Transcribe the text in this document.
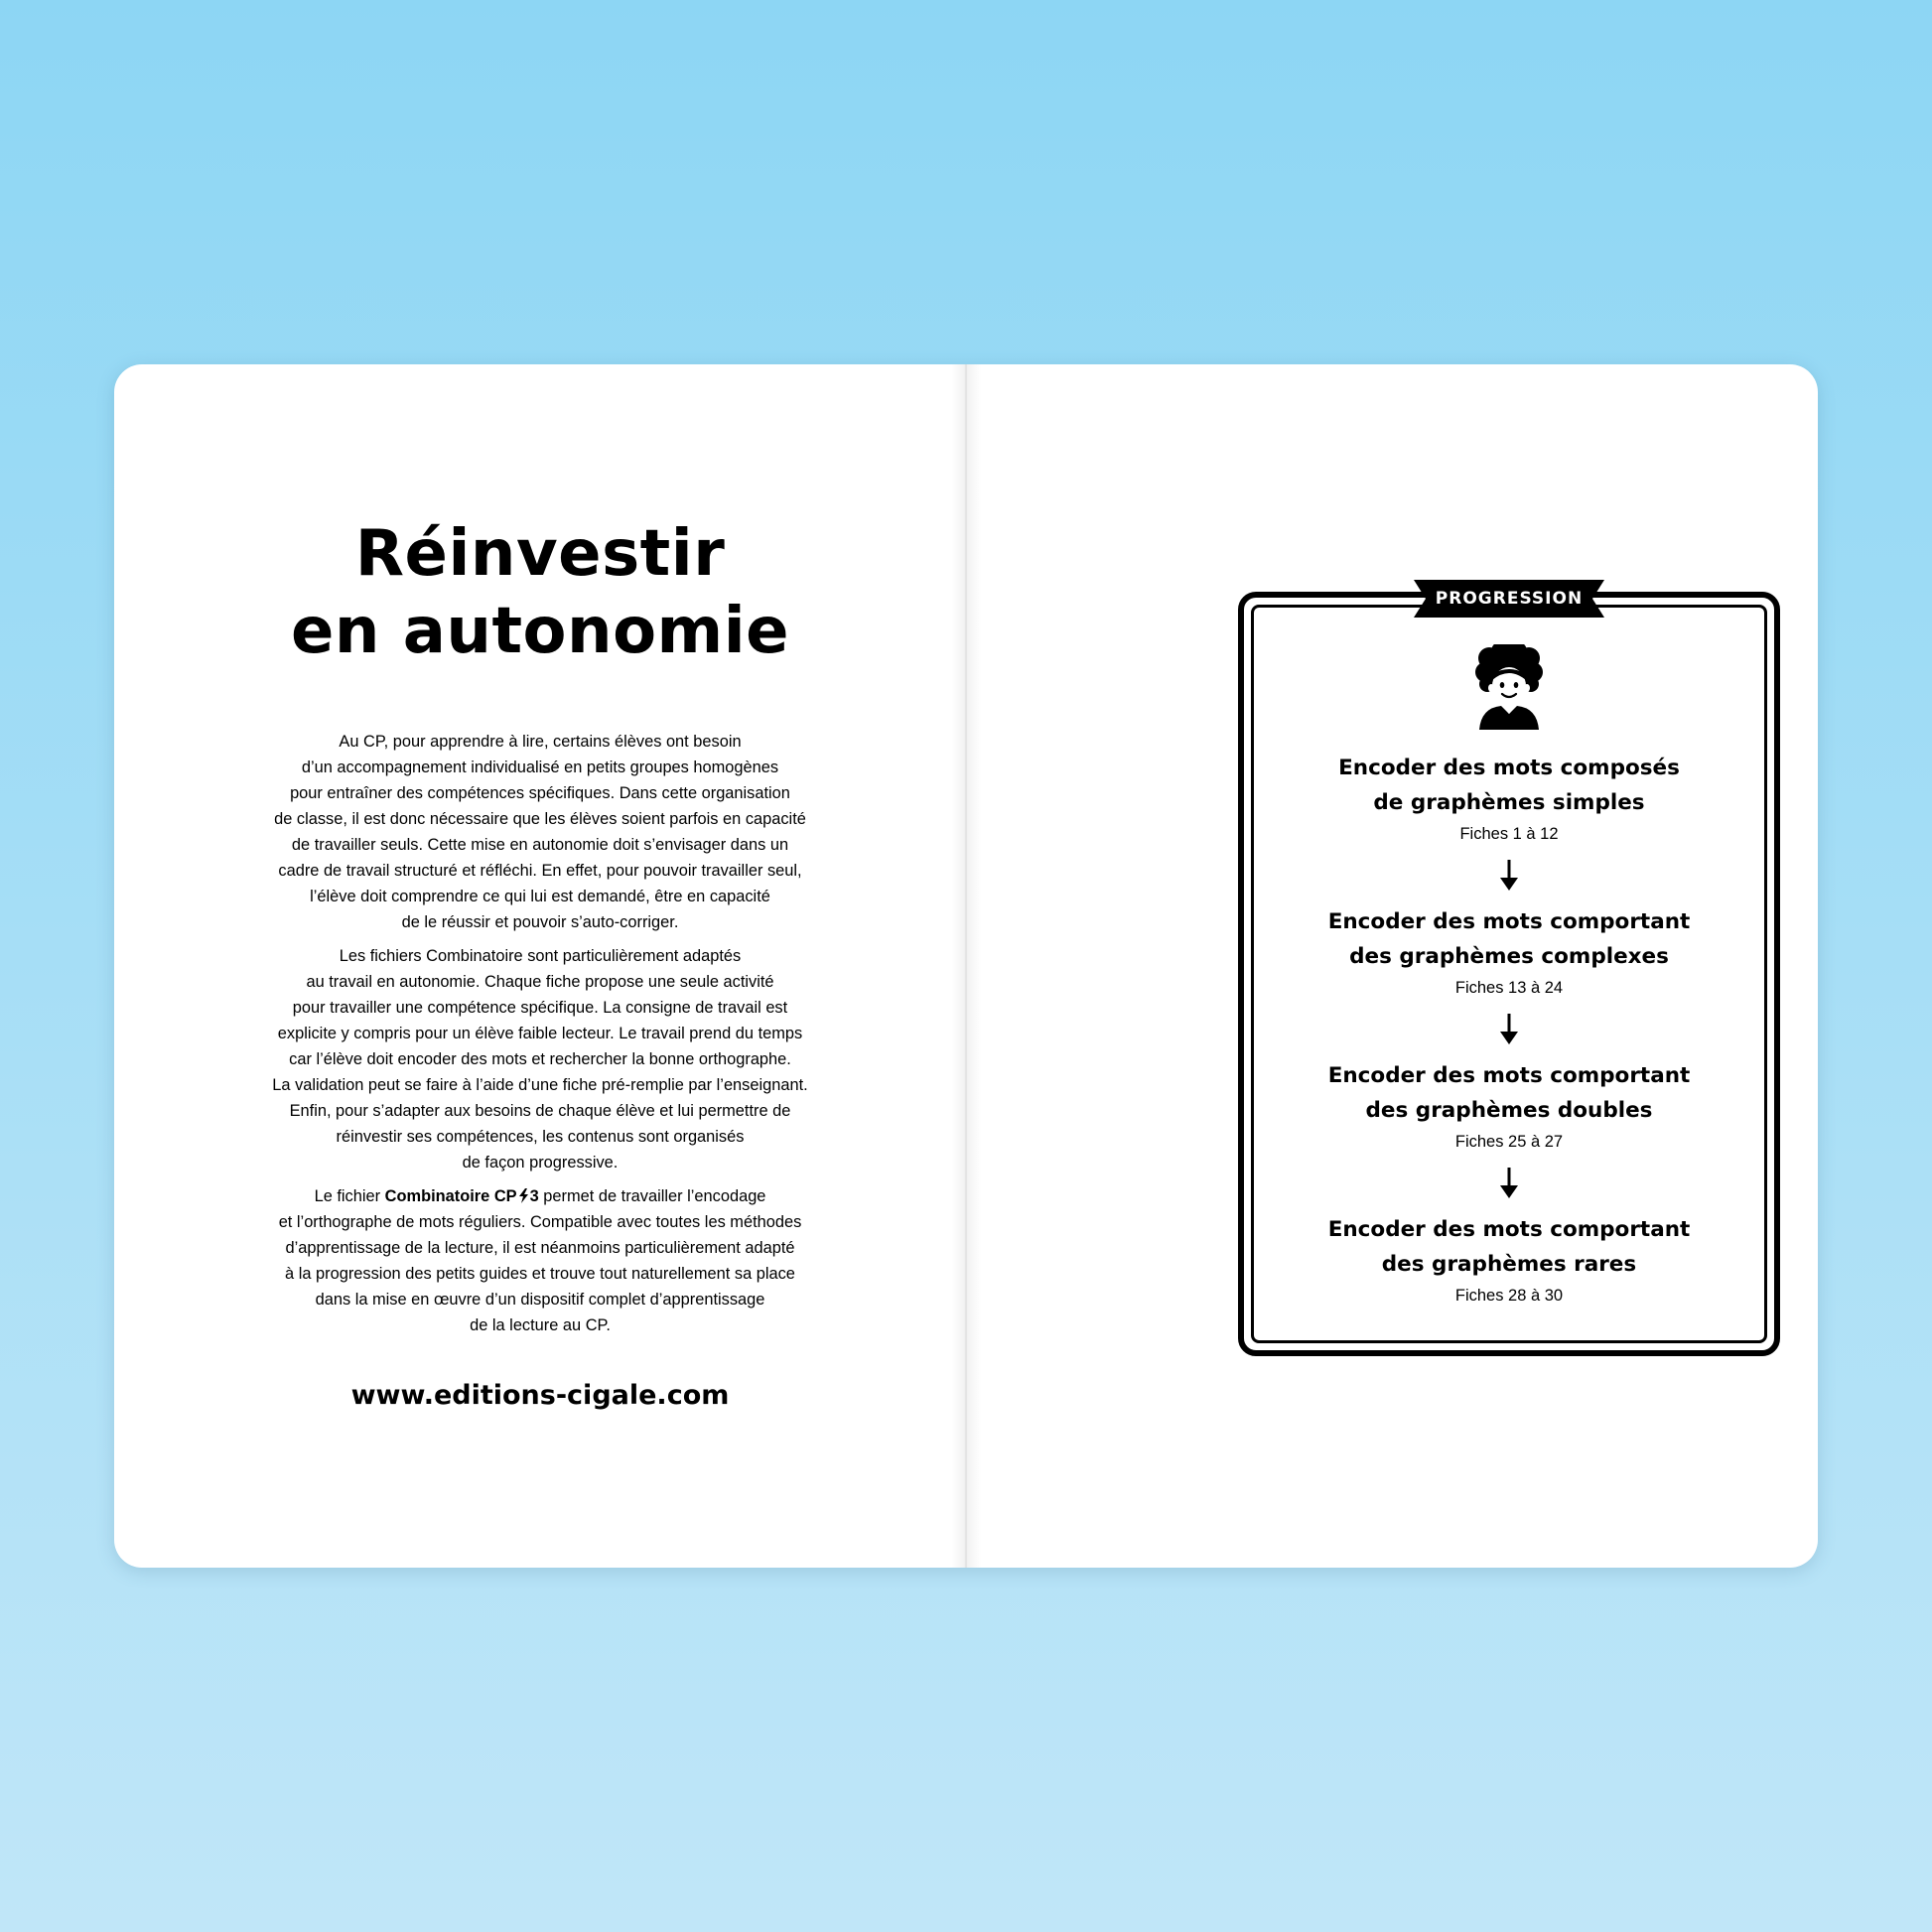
Réinvestir
en autonomie

Au CP, pour apprendre à lire, certains élèves ont besoin
d’un accompagnement individualisé en petits groupes homogènes
pour entraîner des compétences spécifiques. Dans cette organisation
de classe, il est donc nécessaire que les élèves soient parfois en capacité
de travailler seuls. Cette mise en autonomie doit s’envisager dans un
cadre de travail structuré et réfléchi. En effet, pour pouvoir travailler seul,
l’élève doit comprendre ce qui lui est demandé, être en capacité
de le réussir et pouvoir s’auto-corriger.

Les fichiers Combinatoire sont particulièrement adaptés
au travail en autonomie. Chaque fiche propose une seule activité
pour travailler une compétence spécifique. La consigne de travail est
explicite y compris pour un élève faible lecteur. Le travail prend du temps
car l’élève doit encoder des mots et rechercher la bonne orthographe.
La validation peut se faire à l’aide d’une fiche pré-remplie par l’enseignant.
Enfin, pour s’adapter aux besoins de chaque élève et lui permettre de
réinvestir ses compétences, les contenus sont organisés
de façon progressive.

Le fichier Combinatoire CP 3 permet de travailler l’encodage
et l’orthographe de mots réguliers. Compatible avec toutes les méthodes
d’apprentissage de la lecture, il est néanmoins particulièrement adapté
à la progression des petits guides et trouve tout naturellement sa place
dans la mise en œuvre d’un dispositif complet d’apprentissage
de la lecture au CP.

www.editions-cigale.com
PROGRESSION
Encoder des mots composés
de graphèmes simples
Fiches 1 à 12
Encoder des mots comportant
des graphèmes complexes
Fiches 13 à 24
Encoder des mots comportant
des graphèmes doubles
Fiches 25 à 27
Encoder des mots comportant
des graphèmes rares
Fiches 28 à 30
